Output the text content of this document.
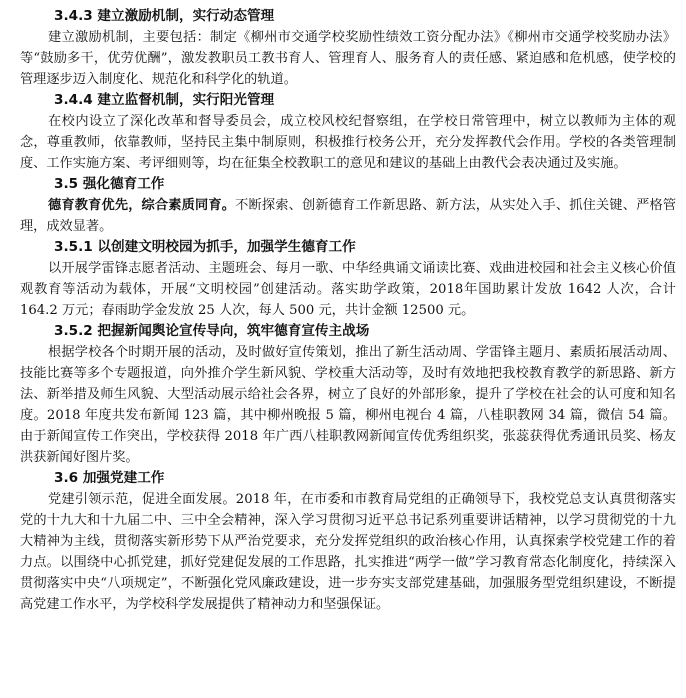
3.4.3 建立激励机制，实行动态管理

建立激励机制，主要包括：制定《柳州市交通学校奖励性绩效工资分配办法》《柳州市交通学校奖励办法》等“鼓励多干，优劳优酬”，激发教职员工教书育人、管理育人、服务育人的责任感、紧迫感和危机感，使学校的管理逐步迈入制度化、规范化和科学化的轨道。

3.4.4 建立监督机制，实行阳光管理

在校内设立了深化改革和督导委员会，成立校风校纪督察组，在学校日常管理中，树立以教师为主体的观念，尊重教师，依靠教师，坚持民主集中制原则，积极推行校务公开，充分发挥教代会作用。学校的各类管理制度、工作实施方案、考评细则等，均在征集全校教职工的意见和建议的基础上由教代会表决通过及实施。

3.5 强化德育工作

德育教育优先，综合素质同育。不断探索、创新德育工作新思路、新方法，从实处入手、抓住关键、严格管理，成效显著。

3.5.1 以创建文明校园为抓手，加强学生德育工作

以开展学雷锋志愿者活动、主题班会、每月一歌、中华经典诵文诵读比赛、戏曲进校园和社会主义核心价值观教育等活动为载体，开展“文明校园”创建活动。落实助学政策，2018年国助累计发放 1642 人次，合计 164.2 万元；春雨助学金发放 25 人次，每人 500 元，共计金额 12500 元。

3.5.2 把握新闻舆论宣传导向，筑牢德育宣传主战场

根据学校各个时期开展的活动，及时做好宣传策划，推出了新生活动周、学雷锋主题月、素质拓展活动周、技能比赛等多个专题报道，向外推介学生新风貌、学校重大活动等，及时有效地把我校教育教学的新思路、新方法、新举措及师生风貌、大型活动展示给社会各界，树立了良好的外部形象，提升了学校在社会的认可度和知名度。2018 年度共发布新闻 123 篇，其中柳州晚报 5 篇，柳州电视台 4 篇，八桂职教网 34 篇，微信 54 篇。由于新闻宣传工作突出，学校获得 2018 年广西八桂职教网新闻宣传优秀组织奖，张蕊获得优秀通讯员奖、杨友洪获新闻好图片奖。

3.6 加强党建工作

党建引领示范，促进全面发展。2018 年，在市委和市教育局党组的正确领导下，我校党总支认真贯彻落实党的十九大和十九届二中、三中全会精神，深入学习贯彻习近平总书记系列重要讲话精神，以学习贯彻党的十九大精神为主线，贯彻落实新形势下从严治党要求，充分发挥党组织的政治核心作用，认真探索学校党建工作的着力点。以围绕中心抓党建，抓好党建促发展的工作思路，扎实推进“两学一做”学习教育常态化制度化，持续深入贯彻落实中央“八项规定”，不断强化党风廉政建设，进一步夯实支部党建基础，加强服务型党组织建设，不断提高党建工作水平，为学校科学发展提供了精神动力和坚强保证。
